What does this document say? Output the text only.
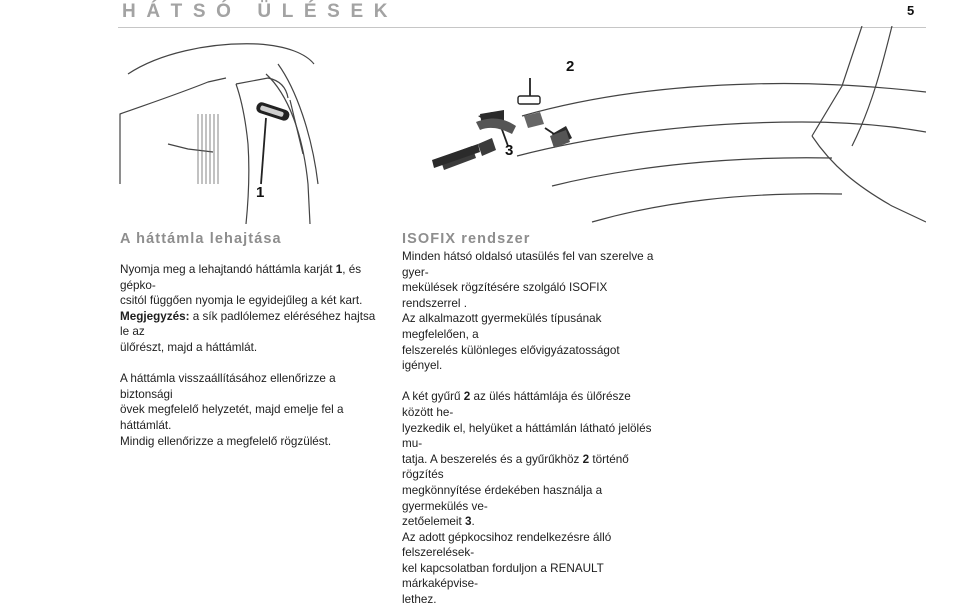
HÁTSÓ ÜLÉSEK	5
1
2
3
A háttámla lehajtása

Nyomja meg a lehajtandó háttámla karját 1, és gépko-
csitól függően nyomja le egyidejűleg a két kart.

Megjegyzés: a sík padlólemez eléréséhez hajtsa le az
ülőrészt, majd a háttámlát.

A háttámla visszaállításához ellenőrizze a biztonsági
övek megfelelő helyzetét, majd emelje fel a háttámlát.
Mindig ellenőrizze a megfelelő rögzülést.

ISOFIX rendszer

Minden hátsó oldalsó utasülés fel van szerelve a gyer-
mekülések rögzítésére szolgáló ISOFIX rendszerrel .
Az alkalmazott gyermekülés típusának megfelelően, a
felszerelés különleges elővigyázatosságot igényel.

A két gyűrű 2 az ülés háttámlája és ülőrésze között he-
lyezkedik el, helyüket a háttámlán látható jelölés mu-
tatja. A beszerelés és a gyűrűkhöz 2 történő rögzítés
megkönnyítése érdekében használja a gyermekülés ve-
zetőelemeit 3.

Az adott gépkocsihoz rendelkezésre álló felszerelések-
kel kapcsolatban forduljon a RENAULT márkaképvise-
lethez.
